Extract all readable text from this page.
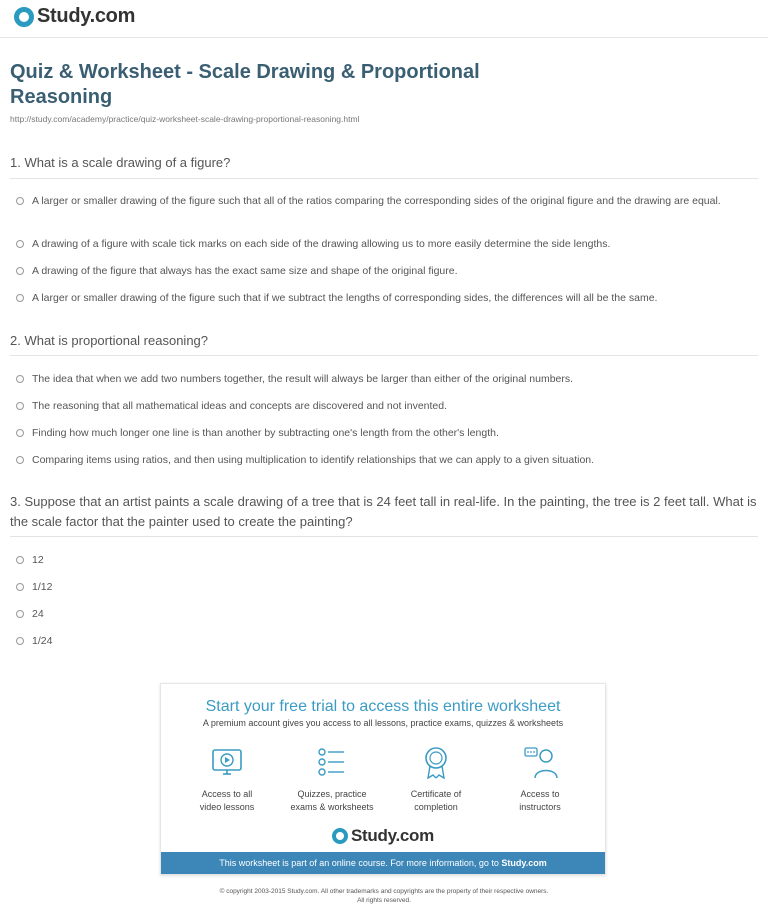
Study.com
Quiz & Worksheet - Scale Drawing & Proportional Reasoning
http://study.com/academy/practice/quiz-worksheet-scale-drawing-proportional-reasoning.html
1. What is a scale drawing of a figure?
A larger or smaller drawing of the figure such that all of the ratios comparing the corresponding sides of the original figure and the drawing are equal.
A drawing of a figure with scale tick marks on each side of the drawing allowing us to more easily determine the side lengths.
A drawing of the figure that always has the exact same size and shape of the original figure.
A larger or smaller drawing of the figure such that if we subtract the lengths of corresponding sides, the differences will all be the same.
2. What is proportional reasoning?
The idea that when we add two numbers together, the result will always be larger than either of the original numbers.
The reasoning that all mathematical ideas and concepts are discovered and not invented.
Finding how much longer one line is than another by subtracting one's length from the other's length.
Comparing items using ratios, and then using multiplication to identify relationships that we can apply to a given situation.
3. Suppose that an artist paints a scale drawing of a tree that is 24 feet tall in real-life. In the painting, the tree is 2 feet tall. What is the scale factor that the painter used to create the painting?
12
1/12
24
1/24
Start your free trial to access this entire worksheet
A premium account gives you access to all lessons, practice exams, quizzes & worksheets
Access to all
video lessons
Quizzes, practice
exams & worksheets
Certificate of
completion
Access to
instructors
Study.com
This worksheet is part of an online course. For more information, go to Study.com
© copyright 2003-2015 Study.com. All other trademarks and copyrights are the property of their respective owners.
All rights reserved.
